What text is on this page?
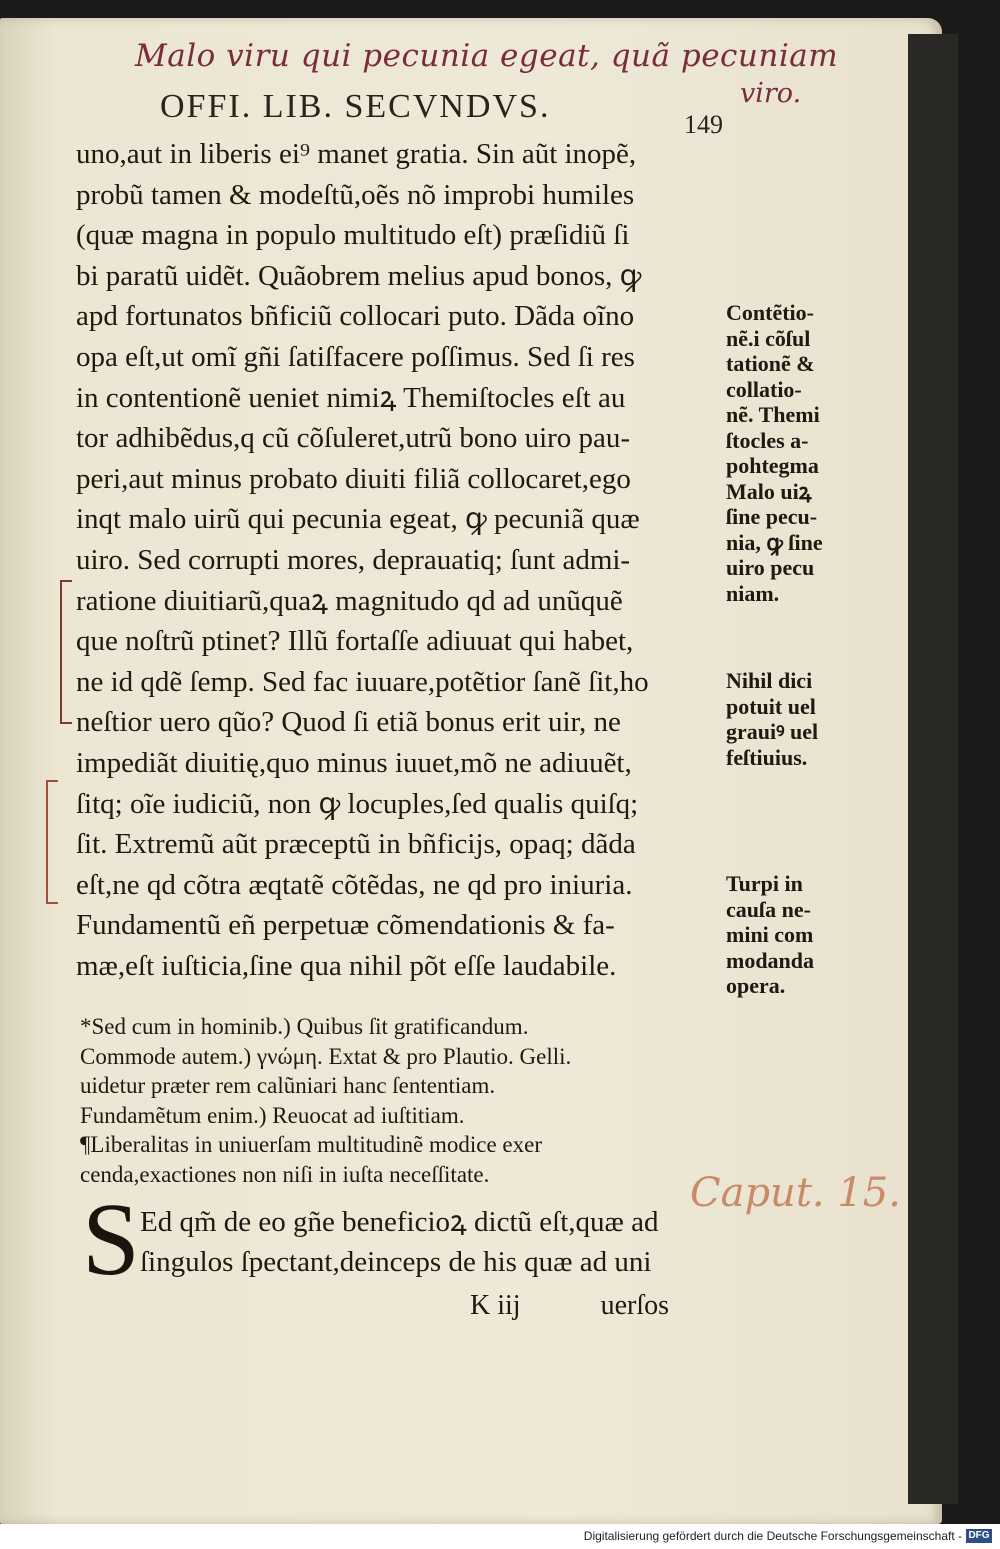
Malo viru qui pecunia egeat, quã pecuniam
viro.
OFFI. LIB. SECVNDVS.	149
uno,aut in liberis ei⁹ manet gratia. Sin aũt inopẽ,
probũ tamen & modeſtũ,oẽs nõ improbi humiles
(quæ magna in populo multitudo eſt) præſidiũ ſi
bi paratũ uidẽt. Quãobrem melius apud bonos, ꝙ
apd fortunatos bñficiũ collocari puto. Dãda oĩno
opa eſt,ut omĩ gñi ſatiſfacere poſſimus. Sed ſi res
in contentionẽ ueniet nimiꝝ Themiſtocles eſt au
tor adhibẽdus,q cũ cõſuleret,utrũ bono uiro pau-
peri,aut minus probato diuiti filiã collocaret,ego
inqt malo uirũ qui pecunia egeat, ꝙ pecuniã quæ
uiro. Sed corrupti mores, deprauatiq; ſunt admi-
ratione diuitiarũ,quaꝝ magnitudo qd ad unũquẽ
que noſtrũ ptinet? Illũ fortaſſe adiuuat qui habet,
ne id qdẽ ſemp. Sed fac iuuare,potẽtior ſanẽ ſit,ho
neſtior uero qũo? Quod ſi etiã bonus erit uir, ne
impediãt diuitię,quo minus iuuet,mõ ne adiuuẽt,
ſitq; oĩe iudiciũ, non ꝙ locuples,ſed qualis quiſq;
ſit. Extremũ aũt præceptũ in bñficijs, opaq; dãda
eſt,ne qd cõtra æqtatẽ cõtẽdas, ne qd pro iniuria.
Fundamentũ eñ perpetuæ cõmendationis & fa-
mæ,eſt iuſticia,ſine qua nihil põt eſſe laudabile.
Contẽtio-
nẽ.i cõſul
tationẽ &
collatio-
nẽ. Themi
ſtocles a-
pohtegma
Malo uiꝝ
ſine pecu-
nia, ꝙ ſine
uiro pecu
niam.
Nihil dici
potuit uel
grauiꝰ uel
feſtiuius.
Turpi in
cauſa ne-
mini com
modanda
opera.
*Sed cum in hominib.) Quibus ſit gratificandum.
Commode autem.) γνώμη. Extat & pro Plautio. Gelli.
uidetur præter rem calũniari hanc ſententiam.
Fundamẽtum enim.) Reuocat ad iuſtitiam.
¶Liberalitas in uniuerſam multitudinẽ modice exer
cenda,exactiones non niſi in iuſta neceſſitate.	Caput. 15.
S Ed qm̃ de eo gñe beneficioꝝ dictũ eſt,quæ ad
ſingulos ſpectant,deinceps de his quæ ad uni
K iij	uerſos
Digitalisierung gefördert durch die Deutsche Forschungsgemeinschaft - DFG
